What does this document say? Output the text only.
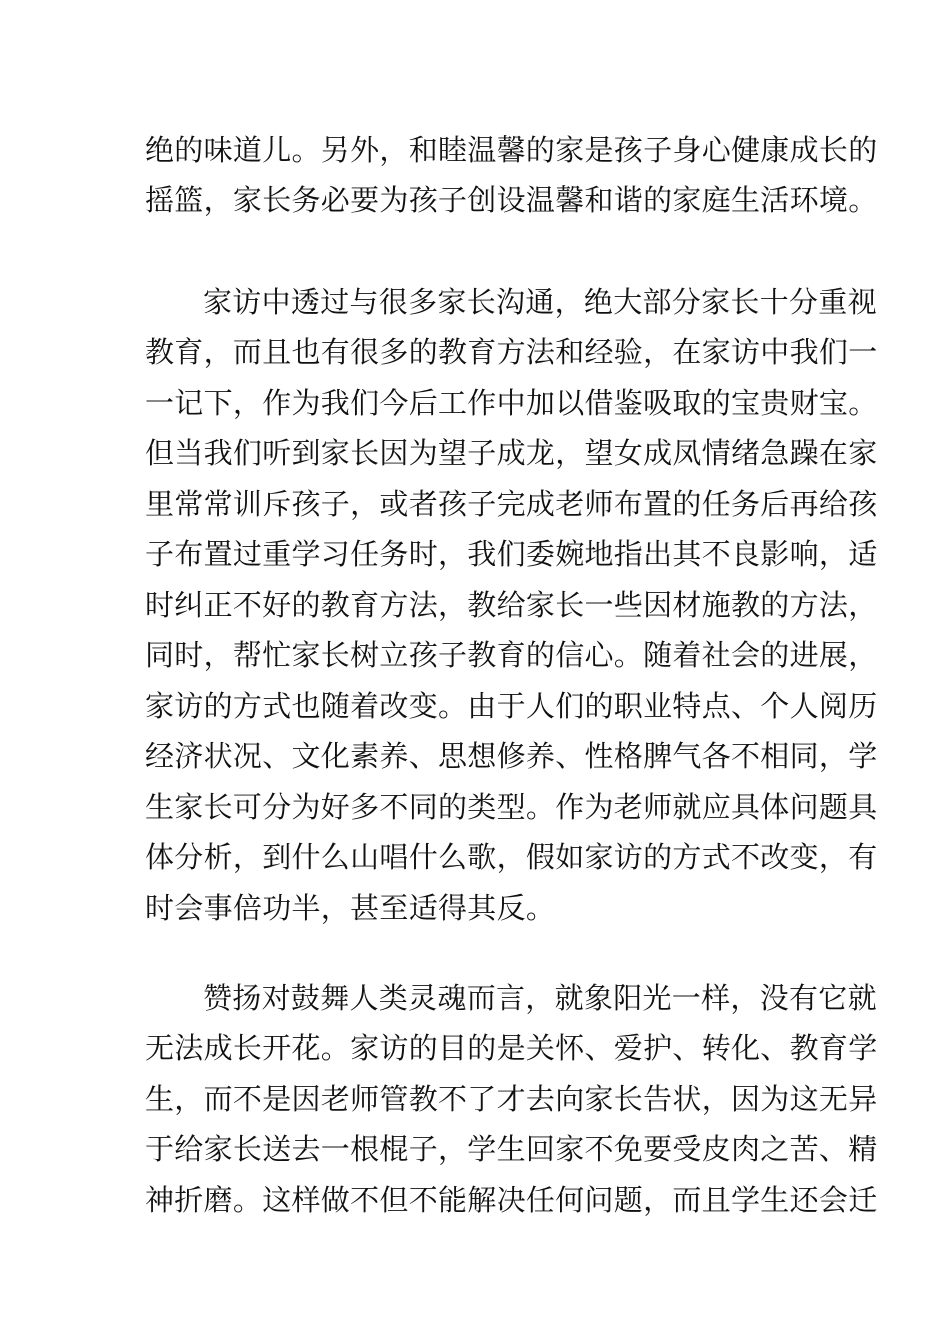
绝的味道儿。另外，和睦温馨的家是孩子身心健康成长的
摇篮，家长务必要为孩子创设温馨和谐的家庭生活环境。
家访中透过与很多家长沟通，绝大部分家长十分重视
教育，而且也有很多的教育方法和经验，在家访中我们一
一记下，作为我们今后工作中加以借鉴吸取的宝贵财宝。
但当我们听到家长因为望子成龙，望女成凤情绪急躁在家
里常常训斥孩子，或者孩子完成老师布置的任务后再给孩
子布置过重学习任务时，我们委婉地指出其不良影响，适
时纠正不好的教育方法，教给家长一些因材施教的方法，
同时，帮忙家长树立孩子教育的信心。随着社会的进展，
家访的方式也随着改变。由于人们的职业特点、个人阅历
经济状况、文化素养、思想修养、性格脾气各不相同，学
生家长可分为好多不同的类型。作为老师就应具体问题具
体分析，到什么山唱什么歌，假如家访的方式不改变，有
时会事倍功半，甚至适得其反。
赞扬对鼓舞人类灵魂而言，就象阳光一样，没有它就
无法成长开花。家访的目的是关怀、爱护、转化、教育学
生，而不是因老师管教不了才去向家长告状，因为这无异
于给家长送去一根棍子，学生回家不免要受皮肉之苦、精
神折磨。这样做不但不能解决任何问题，而且学生还会迁
